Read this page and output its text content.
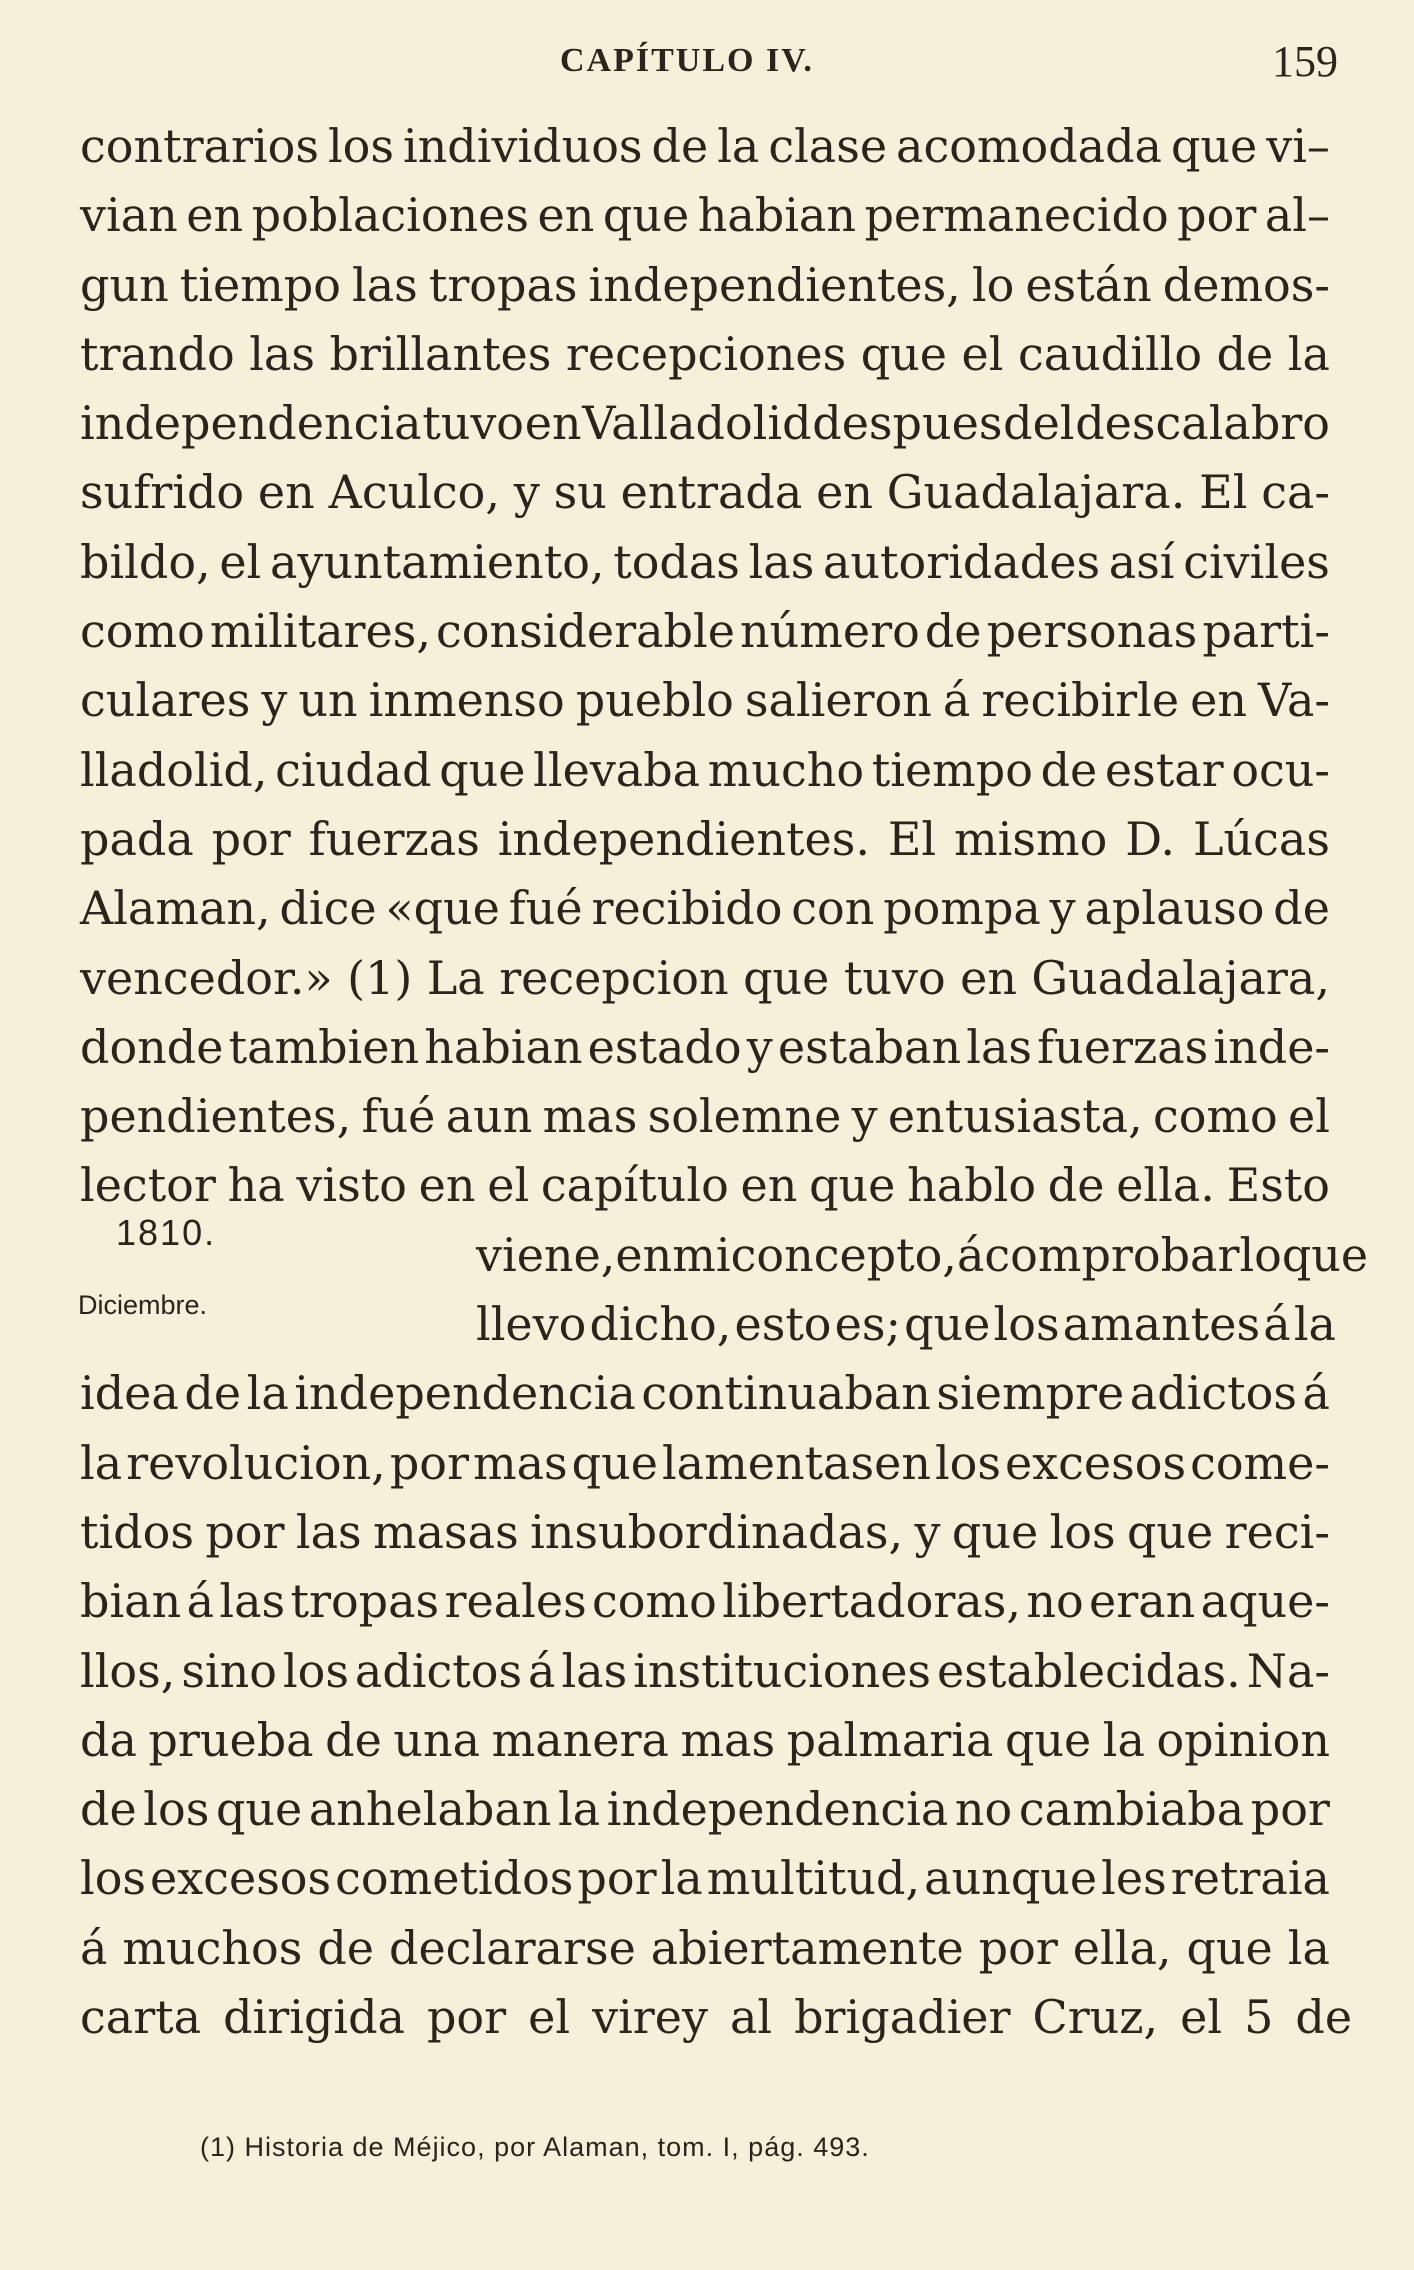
CAPÍTULO IV.	159
contrarios los individuos de la clase acomodada que vi–
vian en poblaciones en que habian permanecido por al–
gun tiempo las tropas independientes, lo están demos-
trando las brillantes recepciones que el caudillo de la
independencia tuvo en Valladolid despues del descalabro
sufrido en Aculco, y su entrada en Guadalajara. El ca-
bildo, el ayuntamiento, todas las autoridades así civiles
como militares, considerable número de personas parti-
culares y un inmenso pueblo salieron á recibirle en Va-
lladolid, ciudad que llevaba mucho tiempo de estar ocu-
pada por fuerzas independientes. El mismo D. Lúcas
Alaman, dice «que fué recibido con pompa y aplauso de
vencedor.» (1) La recepcion que tuvo en Guadalajara,
donde tambien habian estado y estaban las fuerzas inde-
pendientes, fué aun mas solemne y entusiasta, como el
lector ha visto en el capítulo en que hablo de ella. Esto
viene, en mi concepto, á comprobar lo que
llevo dicho, esto es; que los amantes á la
idea de la independencia continuaban siempre adictos á
la revolucion, por mas que lamentasen los excesos come-
tidos por las masas insubordinadas, y que los que reci-
bian á las tropas reales como libertadoras, no eran aque-
llos, sino los adictos á las instituciones establecidas. Na-
da prueba de una manera mas palmaria que la opinion
de los que anhelaban la independencia no cambiaba por
los excesos cometidos por la multitud, aunque les retraia
á muchos de declararse abiertamente por ella, que la
carta dirigida por el virey al brigadier Cruz, el 5 de
1810.
Diciembre.
(1) Historia de Méjico, por Alaman, tom. I, pág. 493.
